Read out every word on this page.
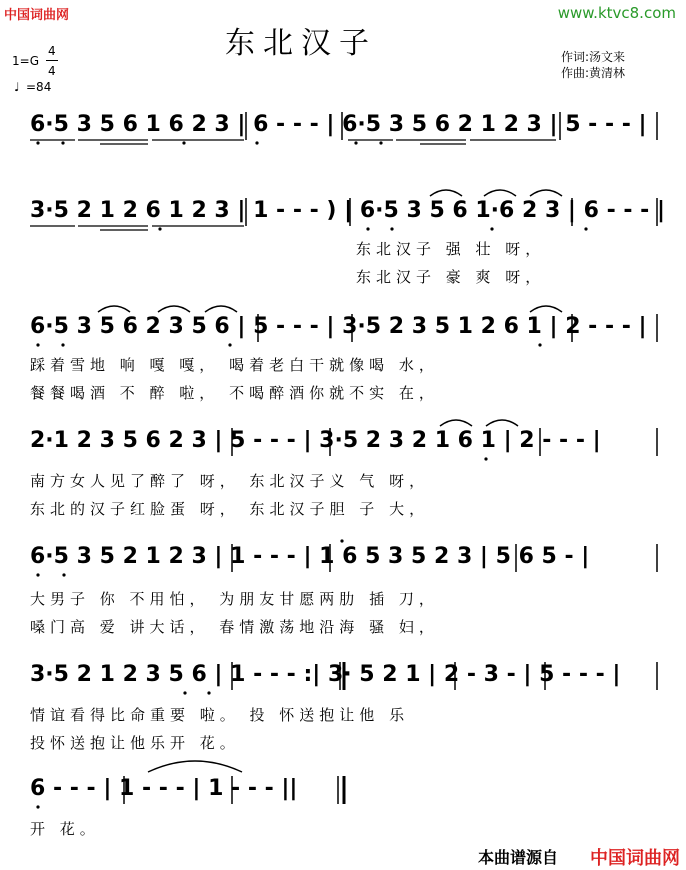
中国词曲网	www.ktvc8.com
东北汉子
1=G
4
4
♩ =84
作词:汤文来
作曲:黄清林
6·5 3 5 6 1 6 2 3 | 6 - - - | 6·5 3 5 6 2 1 2 3 | 5 - - - |
3·5 2 1 2 6 1 2 3 | 1 - - - ) | 6·5 3 5 6 1·6 2 3 | 6 - - - |
东北汉子 强 壮 呀，
东北汉子 豪 爽 呀，
6·5 3 5 6 2 3 5 6 | 5 - - - | 3·5 2 3 5 1 2 6 1 | 2 - - - |
踩着雪地 响 嘎 嘎， 喝着老白干就像喝 水，
餐餐喝酒 不 醉 啦， 不喝醉酒你就不实 在，
2·1 2 3 5 6 2 3 | 5 - - - | 3·5 2 3 2 1 6 1 | 2 - - - |
南方女人见了醉了 呀， 东北汉子义 气 呀，
东北的汉子红脸蛋 呀， 东北汉子胆 子 大，
6·5 3 5 2 1 2 3 | 1 - - - | 1 6 5 3 5 2 3 | 5 6 5 - |
大男子 你 不用怕， 为朋友甘愿两肋 插 刀，
嗓门高 爱 讲大话， 春情激荡地沿海 骚 妇，
3·5 2 1 2 3 5 6 | 1 - - - :| 3· 5 2 1 | 2 - 3 - | 5 - - - |
情谊看得比命重要 啦。 投 怀送抱让他 乐
投怀送抱让他乐开 花。
6 - - - | 1 - - - | 1 - - - ||
开 花。
本曲谱源自 中国词曲网
